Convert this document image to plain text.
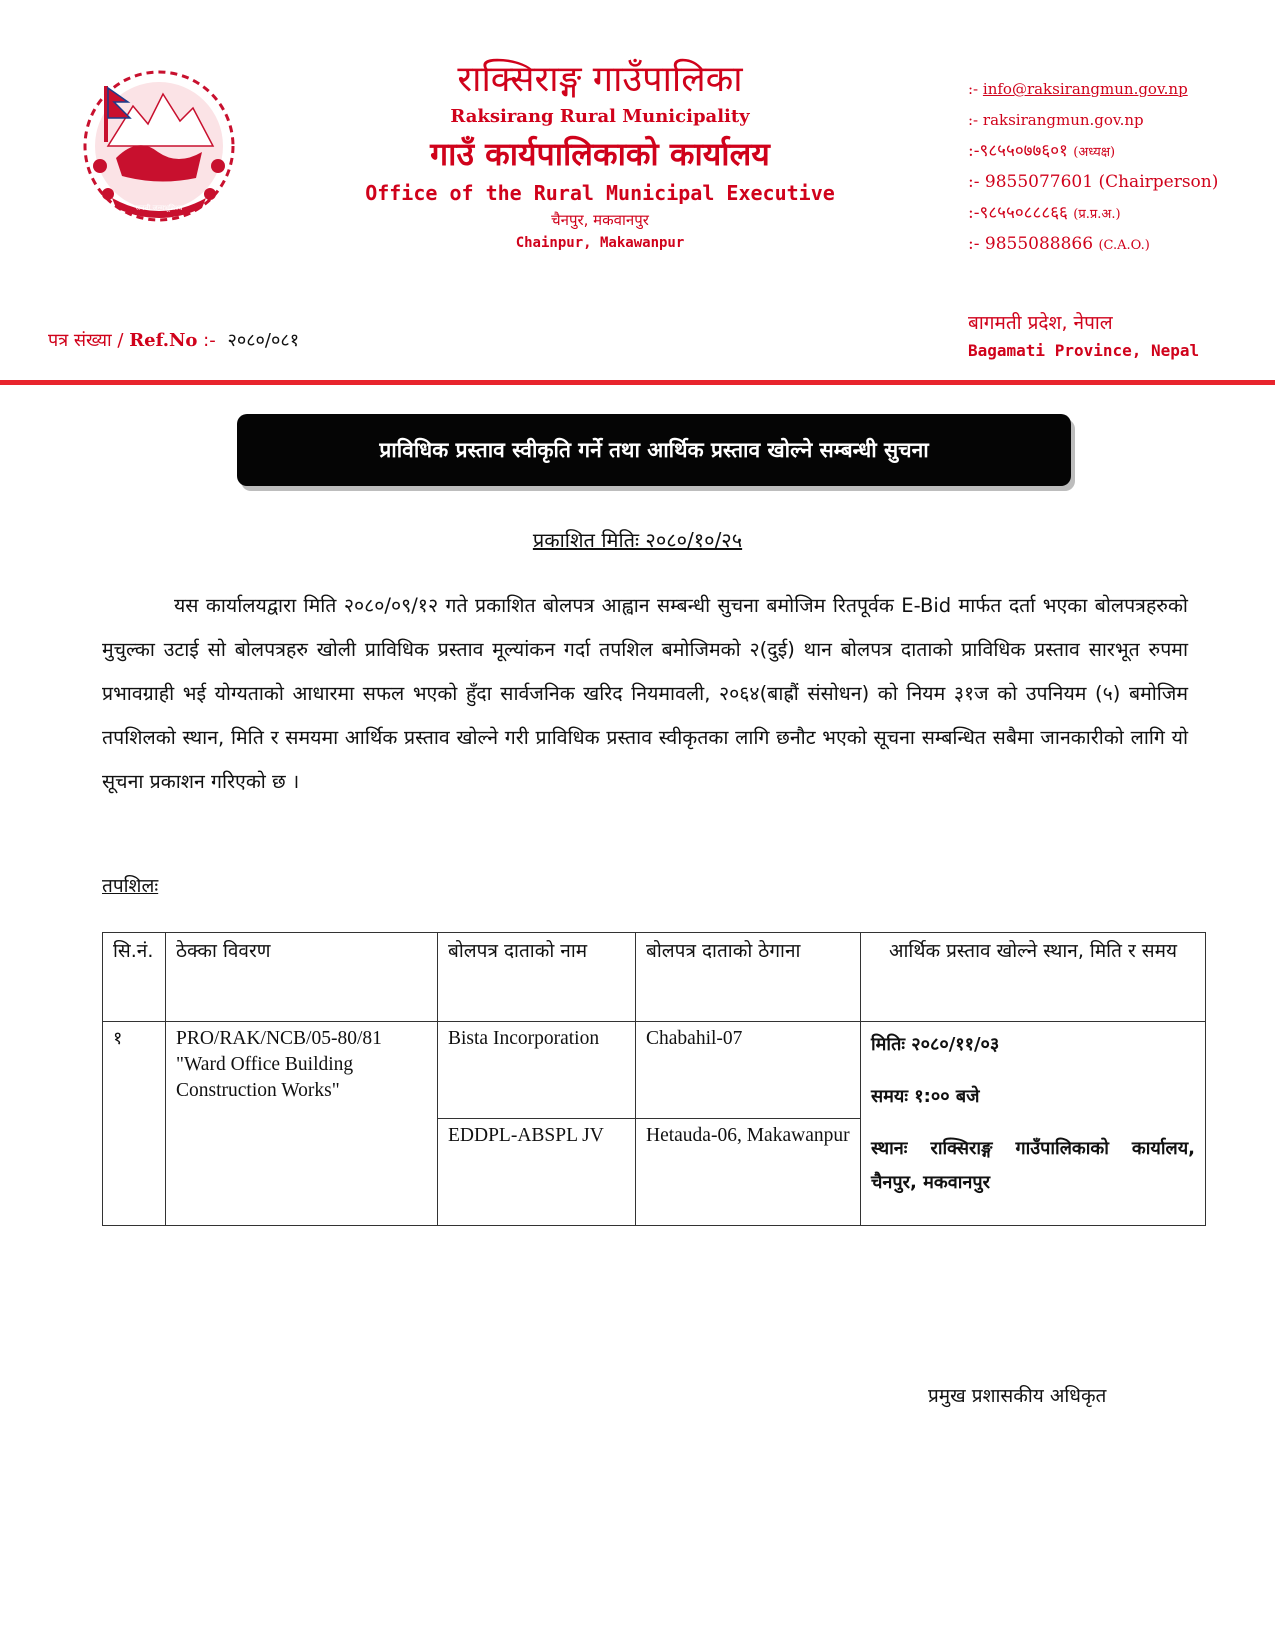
जननी जन्मभूमिश्च
राक्सिराङ्ग गाउँपालिका
Raksirang Rural Municipality
गाउँ कार्यपालिकाको कार्यालय
Office of the Rural Municipal Executive
चैनपुर, मकवानपुर
Chainpur, Makawanpur
:- info@raksirangmun.gov.np
:- raksirangmun.gov.np
:-९८५५०७७६०१ (अध्यक्ष)
:- 9855077601 (Chairperson)
:-९८५५०८८८६६ (प्र.प्र.अ.)
:- 9855088866 (C.A.O.)
पत्र संख्या / Ref.No :- २०८०/०८१
बागमती प्रदेश, नेपाल
Bagamati Province, Nepal
प्राविधिक प्रस्ताव स्वीकृति गर्ने तथा आर्थिक प्रस्ताव खोल्ने सम्बन्धी सुचना
प्रकाशित मितिः २०८०/१०/२५
यस कार्यालयद्वारा मिति २०८०/०९/१२ गते प्रकाशित बोलपत्र आह्वान सम्बन्धी सुचना बमोजिम रितपूर्वक E-Bid मार्फत दर्ता भएका बोलपत्रहरुको मुचुल्का उटाई सो बोलपत्रहरु खोली प्राविधिक प्रस्ताव मूल्यांकन गर्दा तपशिल बमोजिमको २(दुई) थान बोलपत्र दाताको प्राविधिक प्रस्ताव सारभूत रुपमा प्रभावग्राही भई योग्यताको आधारमा सफल भएको हुँदा सार्वजनिक खरिद नियमावली, २०६४(बाह्रौं संसोधन) को नियम ३१ज को उपनियम (५) बमोजिम तपशिलको स्थान, मिति र समयमा आर्थिक प्रस्ताव खोल्ने गरी प्राविधिक प्रस्ताव स्वीकृतका लागि छनौट भएको सूचना सम्बन्धित सबैमा जानकारीको लागि यो सूचना प्रकाशन गरिएको छ ।
तपशिलः
सि.नं.	ठेक्का विवरण	बोलपत्र दाताको नाम	बोलपत्र दाताको ठेगाना	आर्थिक प्रस्ताव खोल्ने स्थान, मिति र समय
१	PRO/RAK/NCB/05-80/81 "Ward Office Building Construction Works"	Bista Incorporation	Chabahil-07	मितिः २०८०/११/०३

समयः १:०० बजे

स्थानः राक्सिराङ्ग गाउँपालिकाको कार्यालय, चैनपुर, मकवानपुर

		EDDPL-ABSPL JV	Hetauda-06, Makawanpur	
प्रमुख प्रशासकीय अधिकृत
